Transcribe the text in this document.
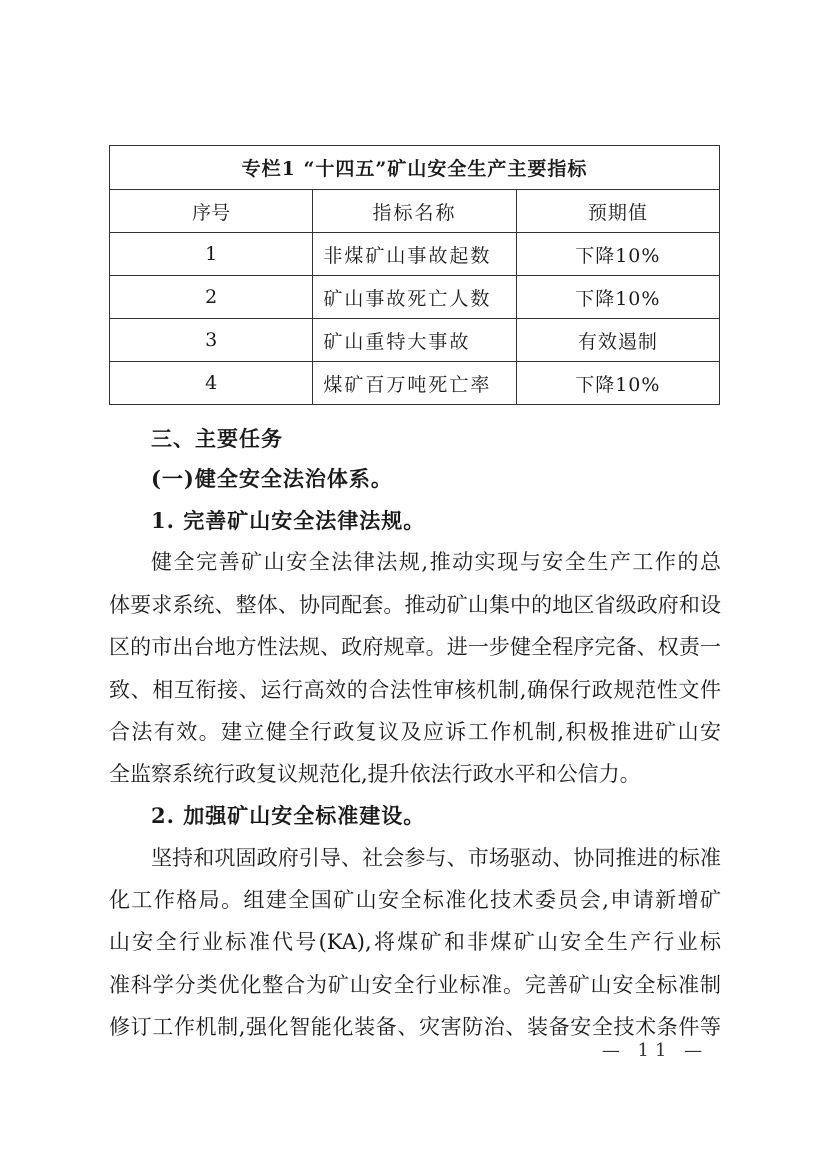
专栏1 “十四五”矿山安全生产主要指标		
序号	指标名称	预期值
1	非煤矿山事故起数	下降10%
2	矿山事故死亡人数	下降10%
3	矿山重特大事故	有效遏制
4	煤矿百万吨死亡率	下降10%
三、主要任务
(一)健全安全法治体系。
1. 完善矿山安全法律法规。
健全完善矿山安全法律法规,推动实现与安全生产工作的总
体要求系统、整体、协同配套。推动矿山集中的地区省级政府和设
区的市出台地方性法规、政府规章。进一步健全程序完备、权责一
致、相互衔接、运行高效的合法性审核机制,确保行政规范性文件
合法有效。建立健全行政复议及应诉工作机制,积极推进矿山安
全监察系统行政复议规范化,提升依法行政水平和公信力。
2. 加强矿山安全标准建设。
坚持和巩固政府引导、社会参与、市场驱动、协同推进的标准
化工作格局。组建全国矿山安全标准化技术委员会,申请新增矿
山安全行业标准代号(KA),将煤矿和非煤矿山安全生产行业标
准科学分类优化整合为矿山安全行业标准。完善矿山安全标准制
修订工作机制,强化智能化装备、灾害防治、装备安全技术条件等
— 11 —
